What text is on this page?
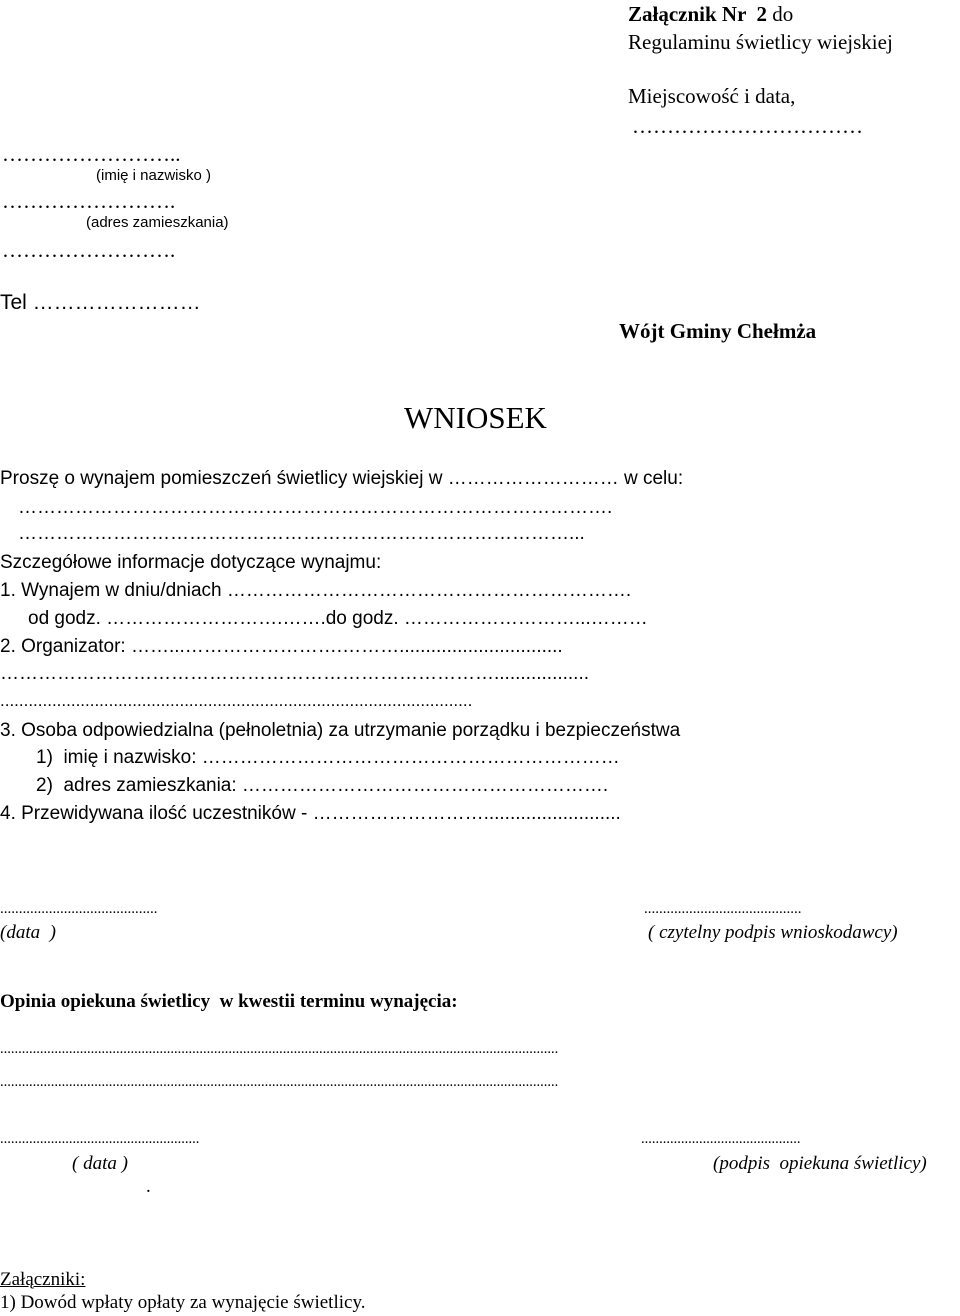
Załącznik Nr  2 do
Regulaminu świetlicy wiejskiej
Miejscowość i data,
……………………………
……………………..
(imię i nazwisko )
…………………….
(adres zamieszkania)
…………………….
Tel ……………………
Wójt Gminy Chełmża
WNIOSEK
Proszę o wynajem pomieszczeń świetlicy wiejskiej w ……………………… w celu:
………………………………………………………………………………….
……………………………………………………………………………...
Szczegółowe informacje dotyczące wynajmu:
1. Wynajem w dniu/dniach ……………………………………………………….
od godz. ……………………….…….do godz. ………………………...………
2. Organizator: ……...…………………….………...............................
……………………………………………………………………..................
....................................................................................................
3. Osoba odpowiedzialna (pełnoletnia) za utrzymanie porządku i bezpieczeństwa
1)  imię i nazwisko: …………………………………………………………
2)  adres zamieszkania: ………………………………………………….
4. Przewidywana ilość uczestników - ………………………..........................
..........................................
(data  )
..........................................
( czytelny podpis wnioskodawcy)
Opinia opiekuna świetlicy  w kwestii terminu wynajęcia:
..........................................................................................................................................................
..........................................................................................................................................................
.......................................................
( data )
.
............................................
(podpis  opiekuna świetlicy)
Załączniki:
1) Dowód wpłaty opłaty za wynajęcie świetlicy.
